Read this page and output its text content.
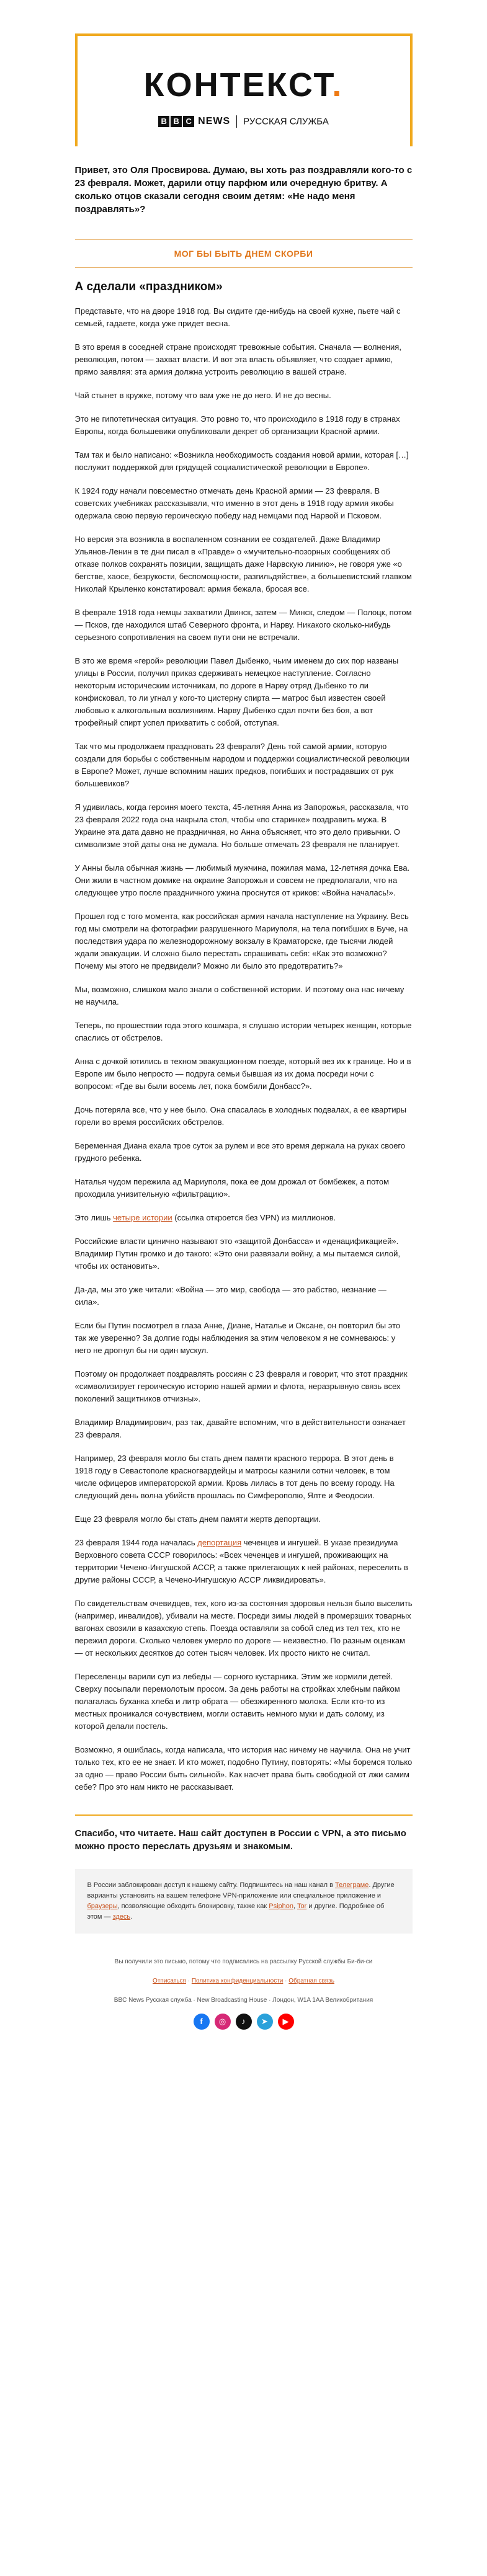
КОНТЕКСТ.
B B C NEWS РУССКАЯ СЛУЖБА
Привет, это Оля Просвирова. Думаю, вы хоть раз поздравляли кого-то с 23 февраля. Может, дарили отцу парфюм или очередную бритву. А сколько отцов сказали сегодня своим детям: «Не надо меня поздравлять»?
МОГ БЫ БЫТЬ ДНЕМ СКОРБИ
А сделали «праздником»

Представьте, что на дворе 1918 год. Вы сидите где-нибудь на своей кухне, пьете чай с семьей, гадаете, когда уже придет весна.

В это время в соседней стране происходят тревожные события. Сначала — волнения, революция, потом — захват власти. И вот эта власть объявляет, что создает армию, прямо заявляя: эта армия должна устроить революцию в вашей стране.

Чай стынет в кружке, потому что вам уже не до него. И не до весны.

Это не гипотетическая ситуация. Это ровно то, что происходило в 1918 году в странах Европы, когда большевики опубликовали декрет об организации Красной армии.

Там так и было написано: «Возникла необходимость создания новой армии, которая […] послужит поддержкой для грядущей социалистической революции в Европе».

К 1924 году начали повсеместно отмечать день Красной армии — 23 февраля. В советских учебниках рассказывали, что именно в этот день в 1918 году армия якобы одержала свою первую героическую победу над немцами под Нарвой и Псковом.

Но версия эта возникла в воспаленном сознании ее создателей. Даже Владимир Ульянов-Ленин в те дни писал в «Правде» о «мучительно-позорных сообщениях об отказе полков сохранять позиции, защищать даже Нарвскую линию», не говоря уже «о бегстве, хаосе, безрукости, беспомощности, разгильдяйстве», а большевистский главком Николай Крыленко констатировал: армия бежала, бросая все.

В феврале 1918 года немцы захватили Двинск, затем — Минск, следом — Полоцк, потом — Псков, где находился штаб Северного фронта, и Нарву. Никакого сколько-нибудь серьезного сопротивления на своем пути они не встречали.

В это же время «герой» революции Павел Дыбенко, чьим именем до сих пор названы улицы в России, получил приказ сдерживать немецкое наступление. Согласно некоторым историческим источникам, по дороге в Нарву отряд Дыбенко то ли конфисковал, то ли угнал у кого-то цистерну спирта — матрос был известен своей любовью к алкогольным возлияниям. Нарву Дыбенко сдал почти без боя, а вот трофейный спирт успел прихватить с собой, отступая.

Так что мы продолжаем праздновать 23 февраля? День той самой армии, которую создали для борьбы с собственным народом и поддержки социалистической революции в Европе? Может, лучше вспомним наших предков, погибших и пострадавших от рук большевиков?

Я удивилась, когда героиня моего текста, 45-летняя Анна из Запорожья, рассказала, что 23 февраля 2022 года она накрыла стол, чтобы «по старинке» поздравить мужа. В Украине эта дата давно не праздничная, но Анна объясняет, что это дело привычки. О символизме этой даты она не думала. Но больше отмечать 23 февраля не планирует.

У Анны была обычная жизнь — любимый мужчина, пожилая мама, 12-летняя дочка Ева. Они жили в частном домике на окраине Запорожья и совсем не предполагали, что на следующее утро после праздничного ужина проснутся от криков: «Война началась!».

Прошел год с того момента, как российская армия начала наступление на Украину. Весь год мы смотрели на фотографии разрушенного Мариуполя, на тела погибших в Буче, на последствия удара по железнодорожному вокзалу в Краматорске, где тысячи людей ждали эвакуации. И сложно было перестать спрашивать себя: «Как это возможно? Почему мы этого не предвидели? Можно ли было это предотвратить?»

Мы, возможно, слишком мало знали о собственной истории. И поэтому она нас ничему не научила.

Теперь, по прошествии года этого кошмара, я слушаю истории четырех женщин, которые спаслись от обстрелов.

Анна с дочкой ютились в техном эвакуационном поезде, который вез их к границе. Но и в Европе им было непросто — подруга семьи бывшая из их дома посреди ночи с вопросом: «Где вы были восемь лет, пока бомбили Донбасс?».

Дочь потеряла все, что у нее было. Она спасалась в холодных подвалах, а ее квартиры горели во время российских обстрелов.

Беременная Диана ехала трое суток за рулем и все это время держала на руках своего грудного ребенка.

Наталья чудом пережила ад Мариуполя, пока ее дом дрожал от бомбежек, а потом проходила унизительную «фильтрацию».

Это лишь четыре истории (ссылка откроется без VPN) из миллионов.

Российские власти цинично называют это «защитой Донбасса» и «денацификацией». Владимир Путин громко и до такого: «Это они развязали войну, а мы пытаемся силой, чтобы их остановить».

Да-да, мы это уже читали: «Война — это мир, свобода — это рабство, незнание — сила».

Если бы Путин посмотрел в глаза Анне, Диане, Наталье и Оксане, он повторил бы это так же уверенно? За долгие годы наблюдения за этим человеком я не сомневаюсь: у него не дрогнул бы ни один мускул.

Поэтому он продолжает поздравлять россиян с 23 февраля и говорит, что этот праздник «символизирует героическую историю нашей армии и флота, неразрывную связь всех поколений защитников отчизны».

Владимир Владимирович, раз так, давайте вспомним, что в действительности означает 23 февраля.

Например, 23 февраля могло бы стать днем памяти красного террора. В этот день в 1918 году в Севастополе красногвардейцы и матросы казнили сотни человек, в том числе офицеров императорской армии. Кровь лилась в тот день по всему городу. На следующий день волна убийств прошлась по Симферополю, Ялте и Феодосии.

Еще 23 февраля могло бы стать днем памяти жертв депортации.

23 февраля 1944 года началась депортация чеченцев и ингушей. В указе президиума Верховного совета СССР говорилось: «Всех чеченцев и ингушей, проживающих на территории Чечено-Ингушской АССР, а также прилегающих к ней районах, переселить в другие районы СССР, а Чечено-Ингушскую АССР ликвидировать».

По свидетельствам очевидцев, тех, кого из-за состояния здоровья нельзя было выселить (например, инвалидов), убивали на месте. Посреди зимы людей в промерзших товарных вагонах свозили в казахскую степь. Поезда оставляли за собой след из тел тех, кто не пережил дороги. Сколько человек умерло по дороге — неизвестно. По разным оценкам — от нескольких десятков до сотен тысяч человек. Их просто никто не считал.

Переселенцы варили суп из лебеды — сорного кустарника. Этим же кормили детей. Сверху посыпали перемолотым просом. За день работы на стройках хлебным пайком полагалась буханка хлеба и литр обрата — обезжиренного молока. Если кто-то из местных проникался сочувствием, могли оставить немного муки и дать солому, из которой делали постель.

Возможно, я ошиблась, когда написала, что история нас ничему не научила. Она не учит только тех, кто ее не знает. И кто может, подобно Путину, повторять: «Мы боремся только за одно — право России быть сильной». Как насчет права быть свободной от лжи самим себе? Про это нам никто не рассказывает.

Спасибо, что читаете. Наш сайт доступен в России с VPN, а это письмо можно просто переслать друзьям и знакомым.
В России заблокирован доступ к нашему сайту. Подпишитесь на наш канал в Телеграме. Другие варианты установить на вашем телефоне VPN-приложение или специальное приложение и браузеры, позволяющие обходить блокировку, также как Psiphon, Tor и другие. Подробнее об этом — здесь.
Вы получили это письмо, потому что подписались на рассылку Русской службы Би-би-си
Отписаться · Политика конфиденциальности · Обратная связь
BBC News Русская служба · New Broadcasting House · Лондон, W1A 1AA Великобритания
f ◎ ♪ ➤ ▶
